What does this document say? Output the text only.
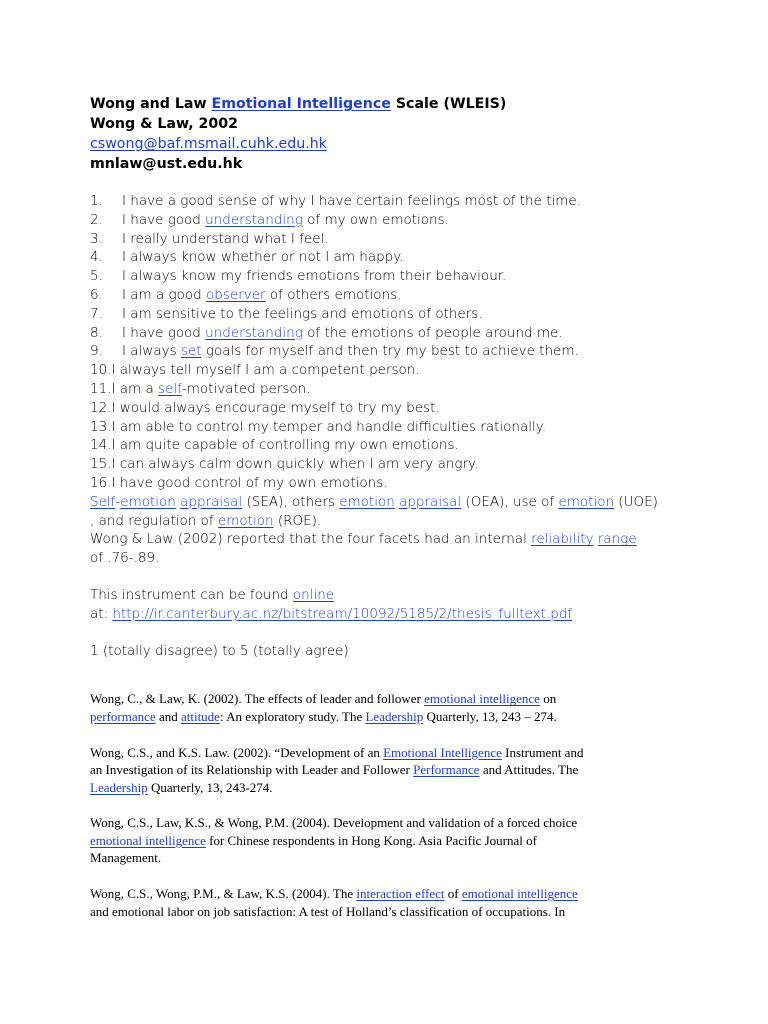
Wong and Law Emotional Intelligence Scale (WLEIS)
Wong & Law, 2002
cswong@baf.msmail.cuhk.edu.hk
mnlaw@ust.edu.hk
1.	I have a good sense of why I have certain feelings most of the time.
2.	I have good understanding of my own emotions.
3.	I really understand what I feel.
4.	I always know whether or not I am happy.
5.	I always know my friends emotions from their behaviour.
6.	I am a good observer of others emotions.
7.	I am sensitive to the feelings and emotions of others.
8.	I have good understanding of the emotions of people around me.
9.	I always set goals for myself and then try my best to achieve them.
10. I always tell myself I am a competent person.
11. I am a self-motivated person.
12. I would always encourage myself to try my best.
13. I am able to control my temper and handle difficulties rationally.
14. I am quite capable of controlling my own emotions.
15. I can always calm down quickly when I am very angry.
16. I have good control of my own emotions.
Self-emotion appraisal (SEA), others emotion appraisal (OEA), use of emotion (UOE)
, and regulation of emotion (ROE).
Wong & Law (2002) reported that the four facets had an internal reliability range
of .76-.89.
This instrument can be found online
at: http://ir.canterbury.ac.nz/bitstream/10092/5185/2/thesis_fulltext.pdf
1 (totally disagree) to 5 (totally agree)

Wong, C., & Law, K. (2002). The effects of leader and follower emotional intelligence on
performance and attitude: An exploratory study. The Leadership Quarterly, 13, 243 – 274.

Wong, C.S., and K.S. Law. (2002). “Development of an Emotional Intelligence Instrument and
an Investigation of its Relationship with Leader and Follower Performance and Attitudes. The
Leadership Quarterly, 13, 243-274.

Wong, C.S., Law, K.S., & Wong, P.M. (2004). Development and validation of a forced choice
emotional intelligence for Chinese respondents in Hong Kong. Asia Pacific Journal of
Management.

Wong, C.S., Wong, P.M., & Law, K.S. (2004). The interaction effect of emotional intelligence
and emotional labor on job satisfaction: A test of Holland’s classification of occupations. In
